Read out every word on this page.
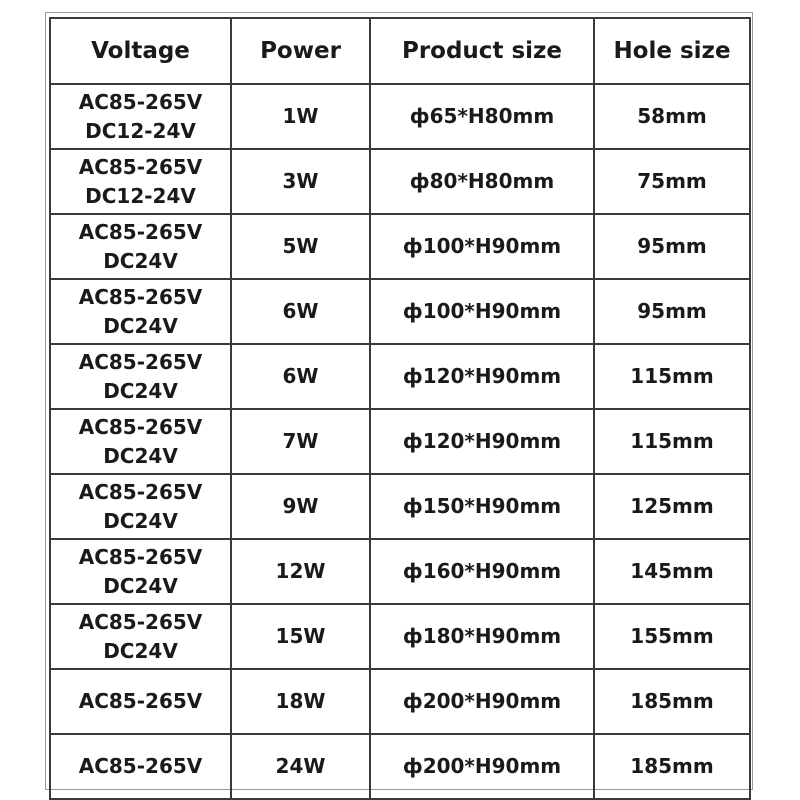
Voltage	Power	Product size	Hole size

AC85-265V
DC12-24V	1W	ф65*H80mm	58mm

AC85-265V
DC12-24V	3W	ф80*H80mm	75mm

AC85-265V
DC24V	5W	ф100*H90mm	95mm

AC85-265V
DC24V	6W	ф100*H90mm	95mm

AC85-265V
DC24V	6W	ф120*H90mm	115mm

AC85-265V
DC24V	7W	ф120*H90mm	115mm

AC85-265V
DC24V	9W	ф150*H90mm	125mm

AC85-265V
DC24V	12W	ф160*H90mm	145mm

AC85-265V
DC24V	15W	ф180*H90mm	155mm

AC85-265V	18W	ф200*H90mm	185mm

AC85-265V	24W	ф200*H90mm	185mm
